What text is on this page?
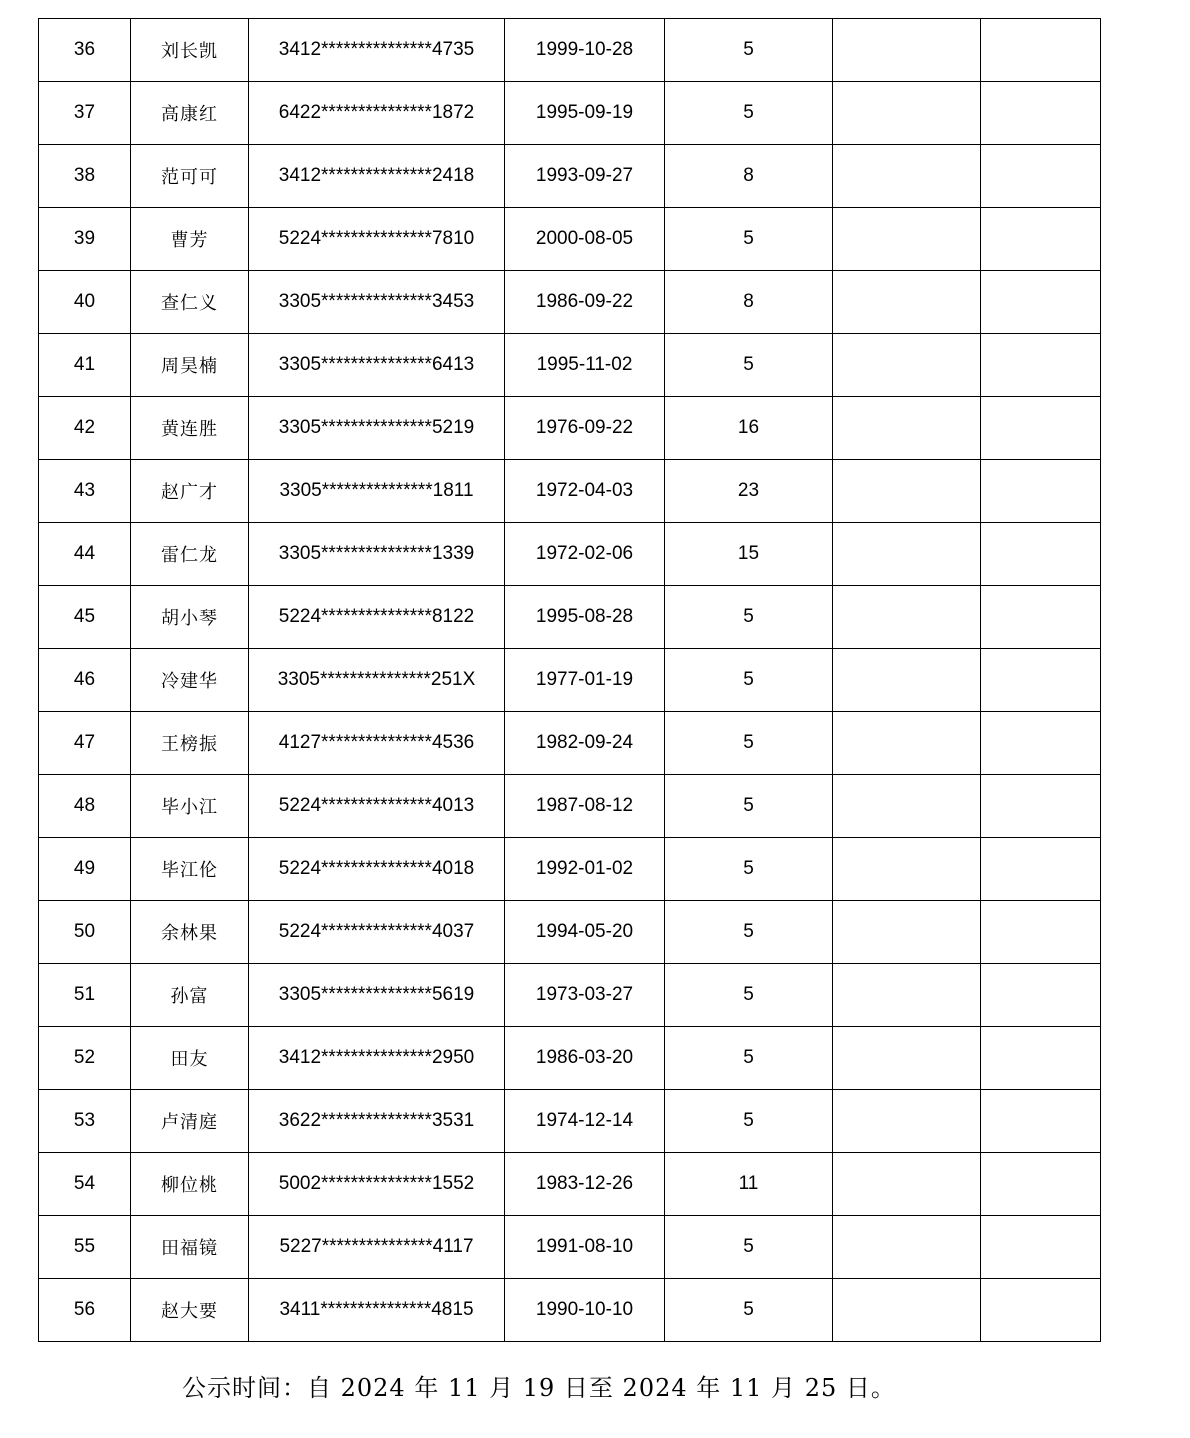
36	刘长凯	3412***************4735	1999-10-28	5		
37	高康红	6422***************1872	1995-09-19	5		
38	范可可	3412***************2418	1993-09-27	8		
39	曹芳	5224***************7810	2000-08-05	5		
40	查仁义	3305***************3453	1986-09-22	8		
41	周昊楠	3305***************6413	1995-11-02	5		
42	黄连胜	3305***************5219	1976-09-22	16		
43	赵广才	3305***************1811	1972-04-03	23		
44	雷仁龙	3305***************1339	1972-02-06	15		
45	胡小琴	5224***************8122	1995-08-28	5		
46	冷建华	3305***************251X	1977-01-19	5		
47	王榜振	4127***************4536	1982-09-24	5		
48	毕小江	5224***************4013	1987-08-12	5		
49	毕江伦	5224***************4018	1992-01-02	5		
50	余林果	5224***************4037	1994-05-20	5		
51	孙富	3305***************5619	1973-03-27	5		
52	田友	3412***************2950	1986-03-20	5		
53	卢清庭	3622***************3531	1974-12-14	5		
54	柳位桃	5002***************1552	1983-12-26	11		
55	田福镜	5227***************4117	1991-08-10	5		
56	赵大要	3411***************4815	1990-10-10	5		
公示时间：自 2024 年 11 月 19 日至 2024 年 11 月 25 日。
